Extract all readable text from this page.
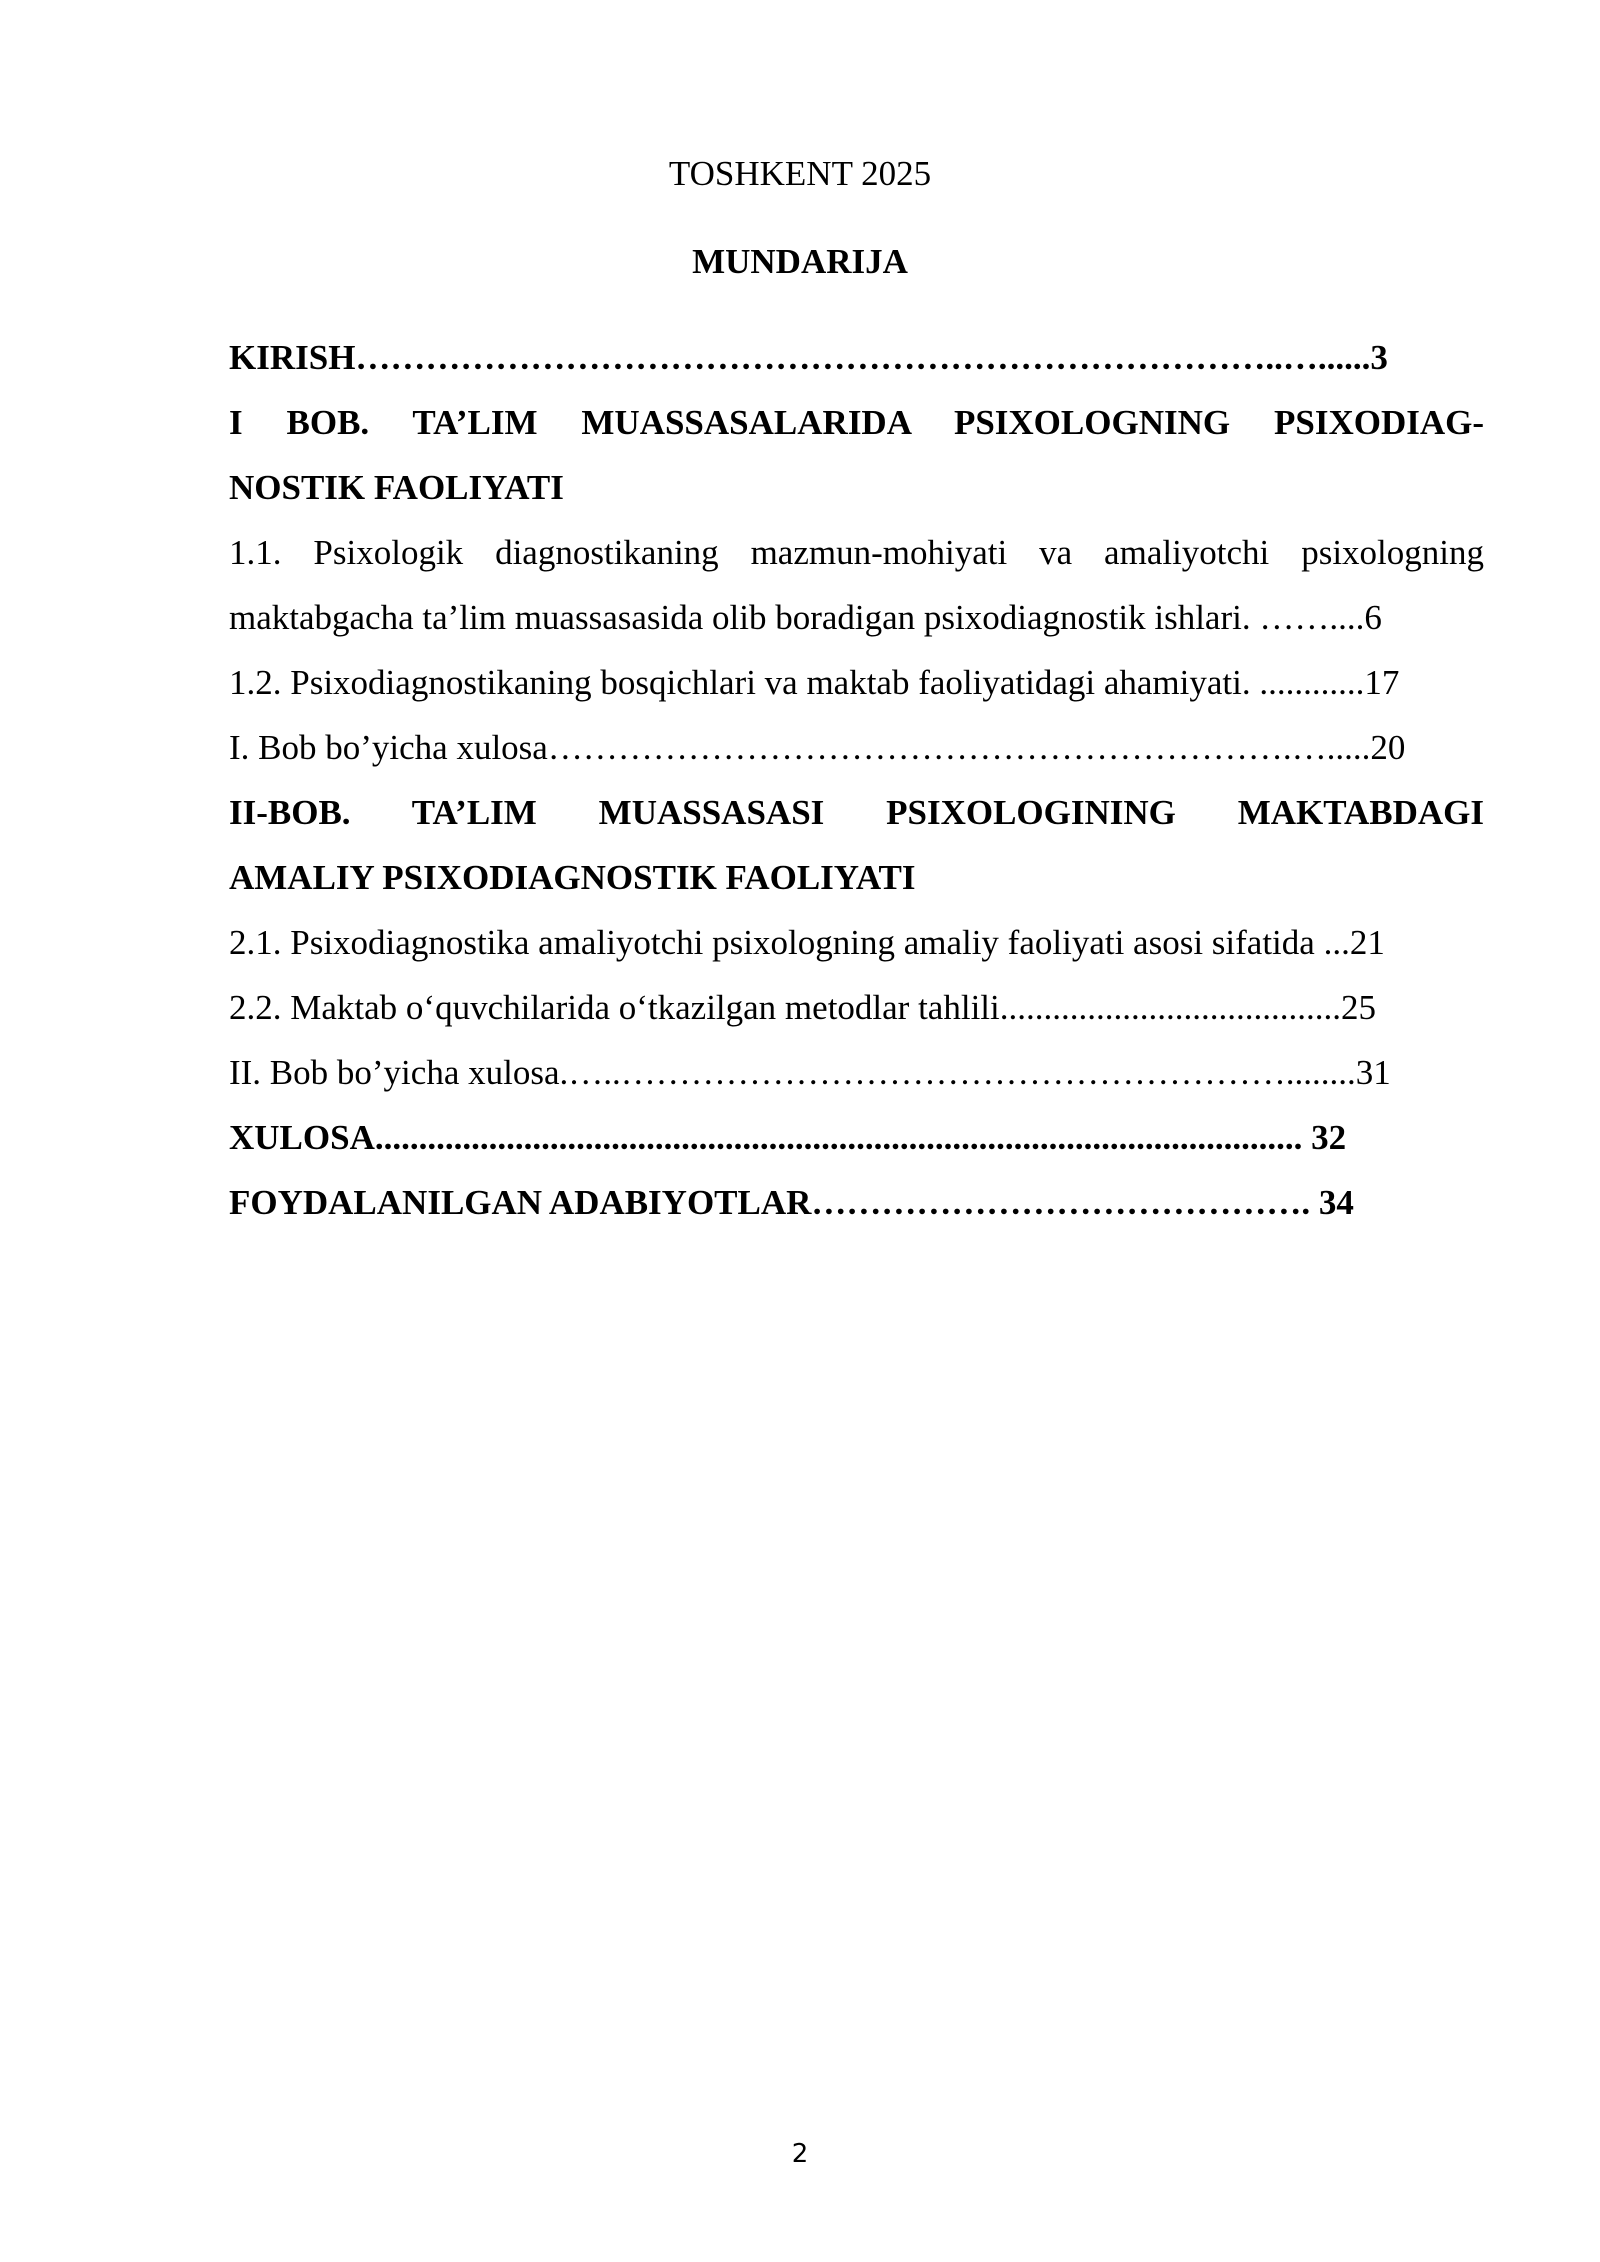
TOSHKENT 2025
MUNDARIJA
KIRISH……………………………………………………………………..…......3
I BOB. TA’LIM MUASSASALARIDA PSIXOLOGNING PSIXODIAG-
NOSTIK FAOLIYATI
1.1. Psixologik diagnostikaning mazmun-mohiyati va amaliyotchi psixologning
maktabgacha ta’lim muassasasida olib boradigan psixodiagnostik ishlari. ……....6
1.2. Psixodiagnostikaning bosqichlari va maktab faoliyatidagi ahamiyati. ............17
I. Bob bo’yicha xulosa……………………………………………………….….....20
II-BOB. TA’LIM MUASSASASI PSIXOLOGINING MAKTABDAGI
AMALIY PSIXODIAGNOSTIK FAOLIYATI
2.1. Psixodiagnostika amaliyotchi psixologning amaliy faoliyati asosi sifatida ...21
2.2. Maktab o‘quvchilarida o‘tkazilgan metodlar tahlili.......................................25
II. Bob bo’yicha xulosa.…..…………………………………………………........31
XULOSA.......................................................................................................... 32
FOYDALANILGAN ADABIYOTLAR……………………………………. 34
2
